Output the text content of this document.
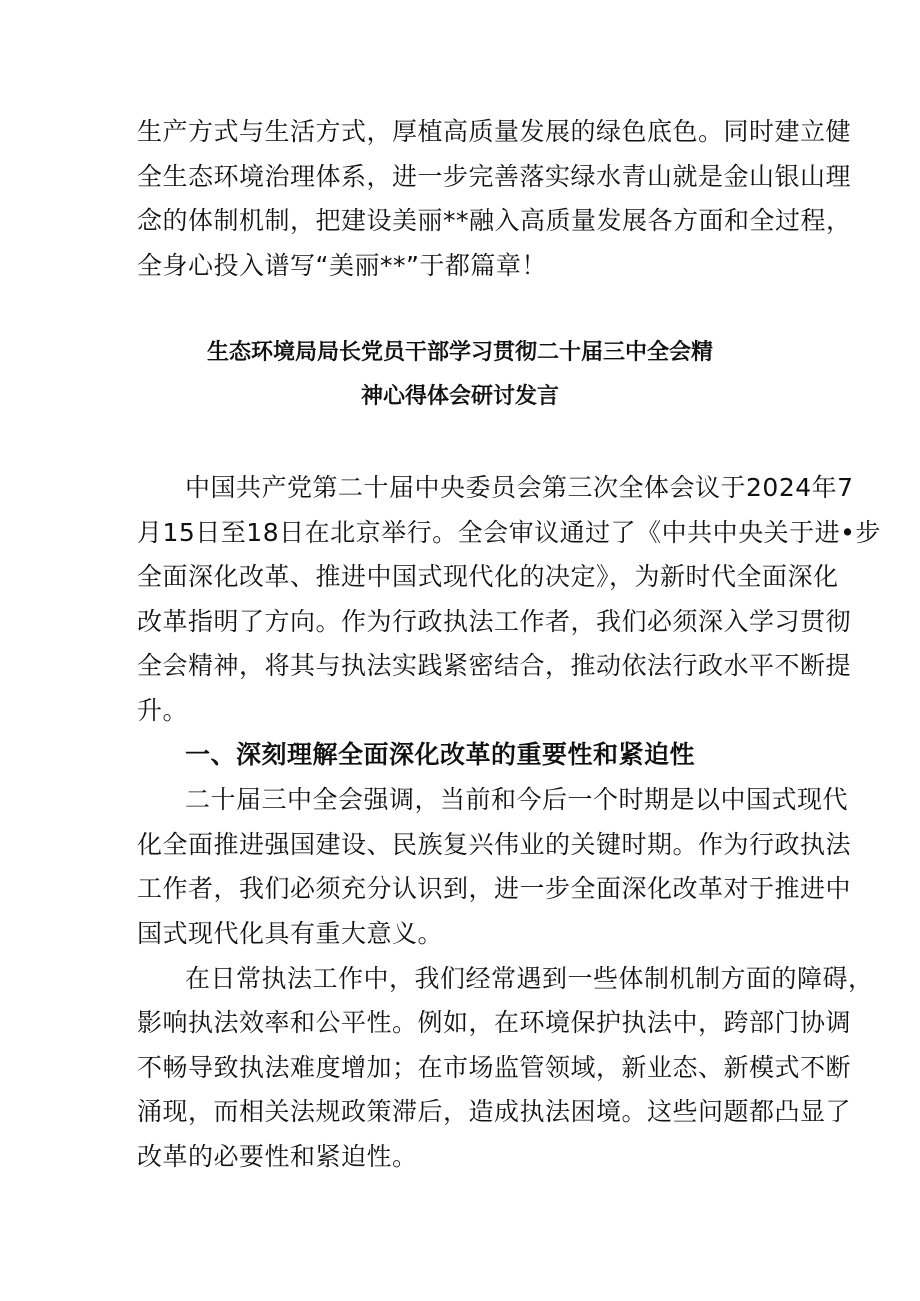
生产方式与生活方式，厚植高质量发展的绿色底色。同时建立健
全生态环境治理体系，进一步完善落实绿水青山就是金山银山理
念的体制机制，把建设美丽**融入高质量发展各方面和全过程，
全身心投入谱写“美丽**”于都篇章！
生态环境局局长党员干部学习贯彻二十届三中全会精
神心得体会研讨发言
中国共产党第二十届中央委员会第三次全体会议于2024年7
月15日至18日在北京举行。全会审议通过了《中共中央关于进•步
全面深化改革、推进中国式现代化的决定》，为新时代全面深化
改革指明了方向。作为行政执法工作者，我们必须深入学习贯彻
全会精神，将其与执法实践紧密结合，推动依法行政水平不断提
升。
一、深刻理解全面深化改革的重要性和紧迫性
二十届三中全会强调，当前和今后一个时期是以中国式现代
化全面推进强国建设、民族复兴伟业的关键时期。作为行政执法
工作者，我们必须充分认识到，进一步全面深化改革对于推进中
国式现代化具有重大意义。
在日常执法工作中，我们经常遇到一些体制机制方面的障碍，
影响执法效率和公平性。例如，在环境保护执法中，跨部门协调
不畅导致执法难度增加；在市场监管领域，新业态、新模式不断
涌现，而相关法规政策滞后，造成执法困境。这些问题都凸显了
改革的必要性和紧迫性。
